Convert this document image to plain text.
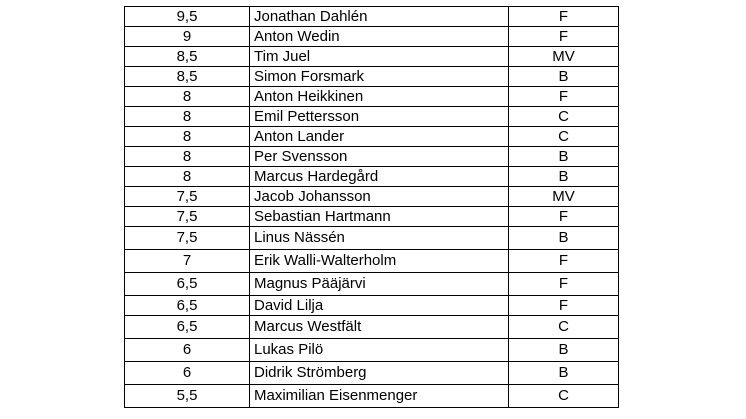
9,5	Jonathan Dahlén	F
9	Anton Wedin	F
8,5	Tim Juel	MV
8,5	Simon Forsmark	B
8	Anton Heikkinen	F
8	Emil Pettersson	C
8	Anton Lander	C
8	Per Svensson	B
8	Marcus Hardegård	B
7,5	Jacob Johansson	MV
7,5	Sebastian Hartmann	F
7,5	Linus Nässén	B
7	Erik Walli-Walterholm	F
6,5	Magnus Pääjärvi	F
6,5	David Lilja	F
6,5	Marcus Westfält	C
6	Lukas Pilö	B
6	Didrik Strömberg	B
5,5	Maximilian Eisenmenger	C
